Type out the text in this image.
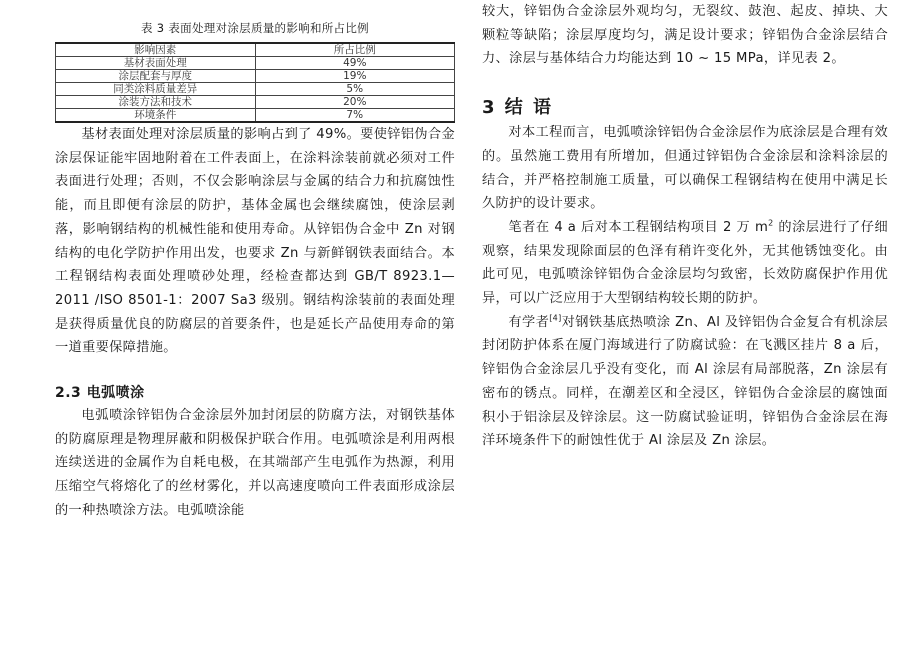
表 3 表面处理对涂层质量的影响和所占比例
影响因素	所占比例
基材表面处理	49%
涂层配套与厚度	19%
同类涂料质量差异	5%
涂装方法和技术	20%
环境条件	7%

基材表面处理对涂层质量的影响占到了 49%。要使锌铝伪合金涂层保证能牢固地附着在工件表面上，在涂料涂装前就必须对工件表面进行处理；否则，不仅会影响涂层与金属的结合力和抗腐蚀性能，而且即便有涂层的防护，基体金属也会继续腐蚀，使涂层剥落，影响钢结构的机械性能和使用寿命。从锌铝伪合金中 Zn 对钢结构的电化学防护作用出发，也要求 Zn 与新鲜钢铁表面结合。本工程钢结构表面处理喷砂处理，经检查都达到 GB/T 8923.1—2011 /ISO 8501-1：2007 Sa3 级别。钢结构涂装前的表面处理是获得质量优良的防腐层的首要条件，也是延长产品使用寿命的第一道重要保障措施。

2.3 电弧喷涂

电弧喷涂锌铝伪合金涂层外加封闭层的防腐方法，对钢铁基体的防腐原理是物理屏蔽和阴极保护联合作用。电弧喷涂是利用两根连续送进的金属作为自耗电极，在其端部产生电弧作为热源，利用压缩空气将熔化了的丝材雾化，并以高速度喷向工件表面形成涂层的一种热喷涂方法。电弧喷涂能

较大，锌铝伪合金涂层外观均匀，无裂纹、鼓泡、起皮、掉块、大颗粒等缺陷；涂层厚度均匀，满足设计要求；锌铝伪合金涂层结合力、涂层与基体结合力均能达到 10 ~ 15 MPa，详见表 2。

3 结 语

对本工程而言，电弧喷涂锌铝伪合金涂层作为底涂层是合理有效的。虽然施工费用有所增加，但通过锌铝伪合金涂层和涂料涂层的结合，并严格控制施工质量，可以确保工程钢结构在使用中满足长久防护的设计要求。

笔者在 4 a 后对本工程钢结构项目 2 万 $m^2$ 的涂层进行了仔细观察，结果发现除面层的色泽有稍许变化外，无其他锈蚀变化。由此可见，电弧喷涂锌铝伪合金涂层均匀致密，长效防腐保护作用优异，可以广泛应用于大型钢结构较长期的防护。

有学者[4]对钢铁基底热喷涂 Zn、Al 及锌铝伪合金复合有机涂层封闭防护体系在厦门海域进行了防腐试验：在飞溅区挂片 8 a 后，锌铝伪合金涂层几乎没有变化，而 Al 涂层有局部脱落，Zn 涂层有密布的锈点。同样，在潮差区和全浸区，锌铝伪合金涂层的腐蚀面积小于铝涂层及锌涂层。这一防腐试验证明，锌铝伪合金涂层在海洋环境条件下的耐蚀性优于 Al 涂层及 Zn 涂层。
